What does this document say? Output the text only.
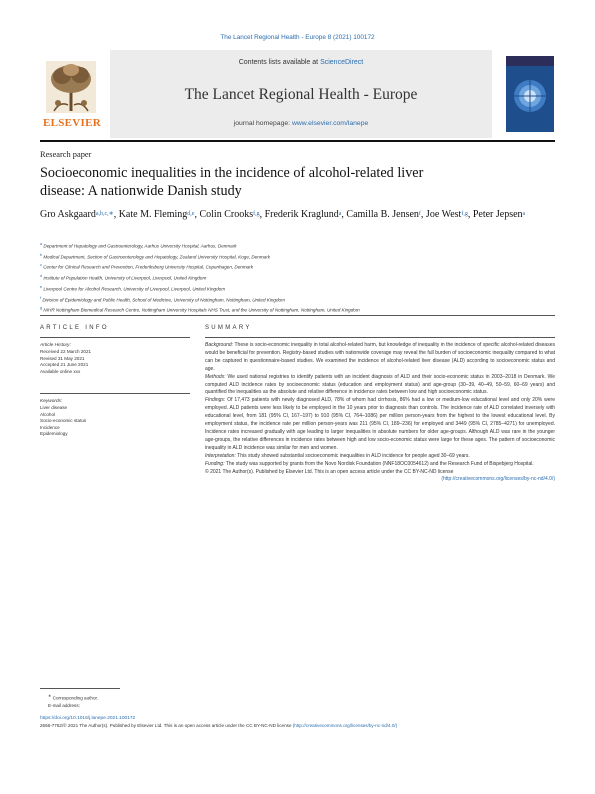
The Lancet Regional Health - Europe 8 (2021) 100172
ELSEVIER
Contents lists available at ScienceDirect
The Lancet Regional Health - Europe
journal homepage: www.elsevier.com/lanepe
Research paper
Socioeconomic inequalities in the incidence of alcohol-related liver disease: A nationwide Danish study
Gro Askgaard$^{a,b,c,∗}$, Kate M. Fleming$^{d,e}$, Colin Crooks$^{f,g}$, Frederik Kraglund$^a$, Camilla B. Jensen$^f$, Joe West$^{f,g}$, Peter Jepsen$^a$
$^a$ Department of Hepatology and Gastroenterology, Aarhus University Hospital, Aarhus, Denmark
$^b$ Medical Department, Section of Gastroenterology and Hepatology, Zealand University Hospital, Koge, Denmark
$^c$ Center for Clinical Research and Prevention, Frederiksberg University Hospital, Copenhagen, Denmark
$^d$ Institute of Population Health, University of Liverpool, Liverpool, United Kingdom
$^e$ Liverpool Centre for Alcohol Research, University of Liverpool, Liverpool, United Kingdom
$^f$ Division of Epidemiology and Public Health, School of Medicine, University of Nottingham, Nottingham, United Kingdom
$^g$ NIHR Nottingham Biomedical Research Centre, Nottingham University Hospitals NHS Trust, and the University of Nottingham, Nottingham, United Kingdom
ARTICLE INFO	SUMMARY
Article History:
Received 22 March 2021
Revised 31 May 2021
Accepted 21 June 2021
Available online xxx
Keywords:
Liver disease
Alcohol
Socio-economic status
Incidence
Epidemiology

Background: These is socio-economic inequality in total alcohol-related harm, but knowledge of inequality in the incidence of specific alcohol-related diseases would be beneficial for prevention. Registry-based studies with nationwide coverage may reveal the full burden of socioeconomic inequality compared to what can be captured in questionnaire-based studies. We examined the incidence of alcohol-related liver disease (ALD) according to socioeconomic status and age.

Methods: We used national registries to identify patients with an incident diagnosis of ALD and their socio-economic status in 2003–2018 in Denmark. We computed ALD incidence rates by socioeconomic status (education and employment status) and age-group (30–39, 40–49, 50–59, 60–69 years) and quantified the inequalities as the absolute and relative difference in incidence rates between low and high socioeconomic status.

Findings: Of 17,473 patients with newly diagnosed ALD, 78% of whom had cirrhosis, 86% had a low or medium-low educational level and only 20% were employed. ALD patients were less likely to be employed in the 10 years prior to diagnosis than controls. The incidence rate of ALD correlated inversely with educational level, from 181 (95% CI, 167–197) to 910 (95% CI, 764–1086) per million person-years from the highest to the lowest educational level. By employment status, the incidence rate per million person-years was 211 (95% CI, 189–236) for employed and 3449 (95% CI, 2785–4271) for unemployed. Incidence rates increased gradually with age leading to larger inequalities in absolute numbers for older age-groups. Although ALD was rare in the younger age-groups, the relative differences in incidence rates between high and low socio-economic status were large for these ages. The pattern of socioeconomic inequality in ALD incidence was similar for men and women.

Interpretation: This study showed substantial socioeconomic inequalities in ALD incidence for people aged 30–69 years.

Funding: The study was supported by grants from the Novo Nordisk Foundation (NNF18OC0054612) and the Research Fund of Bispebjerg Hospital.

© 2021 The Author(s). Published by Elsevier Ltd. This is an open access article under the CC BY-NC-ND license

(http://creativecommons.org/licenses/by-nc-nd/4.0/)

∗ Corresponding author.
E-mail address:
https://doi.org/10.1016/j.lanepe.2021.100172
2666-7762/© 2021 The Author(s). Published by Elsevier Ltd. This is an open access article under the CC BY-NC-ND license (http://creativecommons.org/licenses/by-nc-nd/4.0/)
